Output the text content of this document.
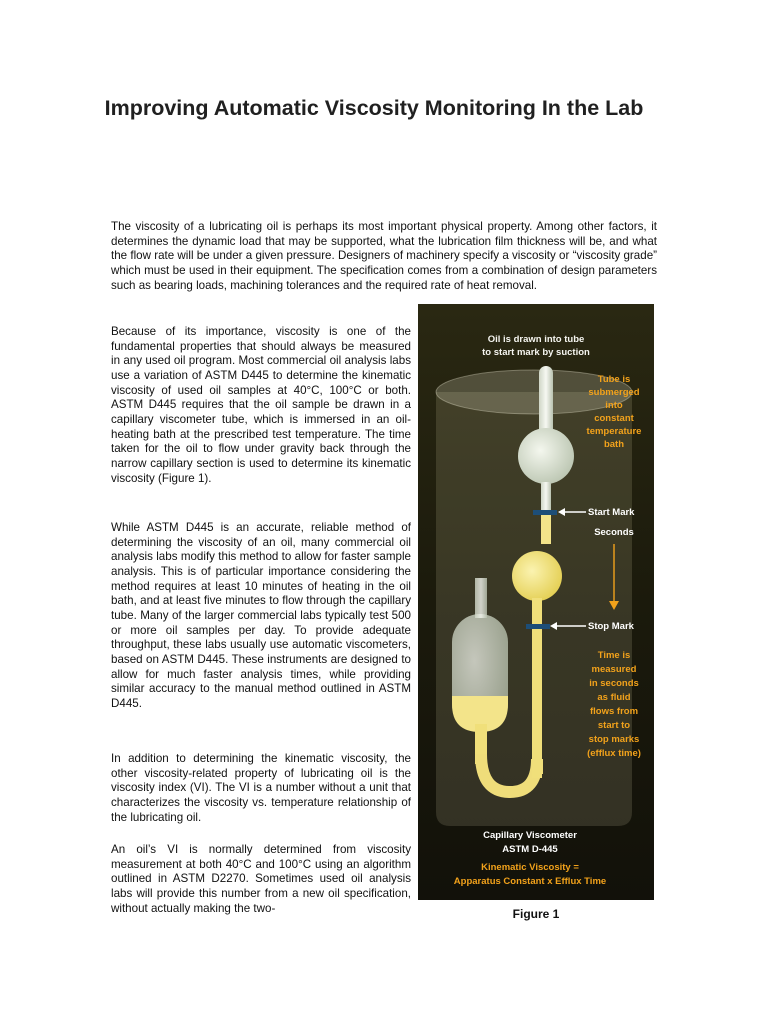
Improving Automatic Viscosity Monitoring In the Lab

The viscosity of a lubricating oil is perhaps its most important physical property. Among other factors, it determines the dynamic load that may be supported, what the lubrication film thickness will be, and what the flow rate will be under a given pressure. Designers of machinery specify a viscosity or “viscosity grade” which must be used in their equipment. The specification comes from a combination of design parameters such as bearing loads, machining tolerances and the required rate of heat removal.

Because of its importance, viscosity is one of the fundamental properties that should always be measured in any used oil program. Most commercial oil analysis labs use a variation of ASTM D445 to determine the kinematic viscosity of used oil samples at 40°C, 100°C or both. ASTM D445 requires that the oil sample be drawn in a capillary viscometer tube, which is immersed in an oil-heating bath at the prescribed test temperature. The time taken for the oil to flow under gravity back through the narrow capillary section is used to determine its kinematic viscosity (Figure 1).

While ASTM D445 is an accurate, reliable method of determining the viscosity of an oil, many commercial oil analysis labs modify this method to allow for faster sample analysis. This is of particular importance considering the method requires at least 10 minutes of heating in the oil bath, and at least five minutes to flow through the capillary tube. Many of the larger commercial labs typically test 500 or more oil samples per day. To provide adequate throughput, these labs usually use automatic viscometers, based on ASTM D445. These instruments are designed to allow for much faster analysis times, while providing similar accuracy to the manual method outlined in ASTM D445.

In addition to determining the kinematic viscosity, the other viscosity-related property of lubricating oil is the viscosity index (VI). The VI is a number without a unit that characterizes the viscosity vs. temperature relationship of the lubricating oil.

An oil’s VI is normally determined from viscosity measurement at both 40°C and 100°C using an algorithm outlined in ASTM D2270. Sometimes used oil analysis labs will provide this number from a new oil specification, without actually making the two-

Oil is drawn into tube
to start mark by suction
Tube is
submerged
into
constant
temperature
bath
Start Mark
Seconds
Stop Mark
Time is
measured
in seconds
as fluid
flows from
start to
stop marks
(efflux time)
Capillary Viscometer
ASTM D-445
Kinematic Viscosity =
Apparatus Constant x Efflux Time
Figure 1
